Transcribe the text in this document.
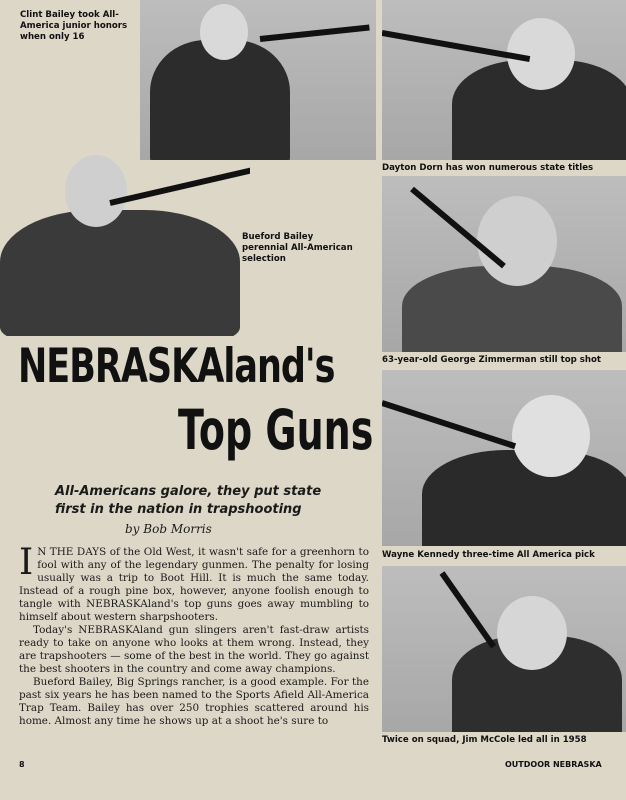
Clint Bailey took All-America junior honors when only 16
Dayton Dorn has won numerous state titles
Bueford Bailey perennial All-American selection
63-year-old George Zimmerman still top shot
Wayne Kennedy three-time All America pick
Twice on squad, Jim McCole led all in 1958
NEBRASKAland's
Top Guns
All-Americans galore, they put state first in the nation in trapshooting
by Bob Morris

I N THE DAYS of the Old West, it wasn't safe for a greenhorn to fool with any of the legendary gunmen. The penalty for losing usually was a trip to Boot Hill. It is much the same today. Instead of a rough pine box, however, anyone foolish enough to tangle with NEBRASKAland's top guns goes away mumbling to himself about western sharpshooters.

Today's NEBRASKAland gun slingers aren't fast-draw artists ready to take on anyone who looks at them wrong. Instead, they are trapshooters — some of the best in the world. They go against the best shooters in the country and come away champions.

Bueford Bailey, Big Springs rancher, is a good example. For the past six years he has been named to the Sports Afield All-America Trap Team. Bailey has over 250 trophies scattered around his home. Almost any time he shows up at a shoot he's sure to

8	OUTDOOR NEBRASKA
